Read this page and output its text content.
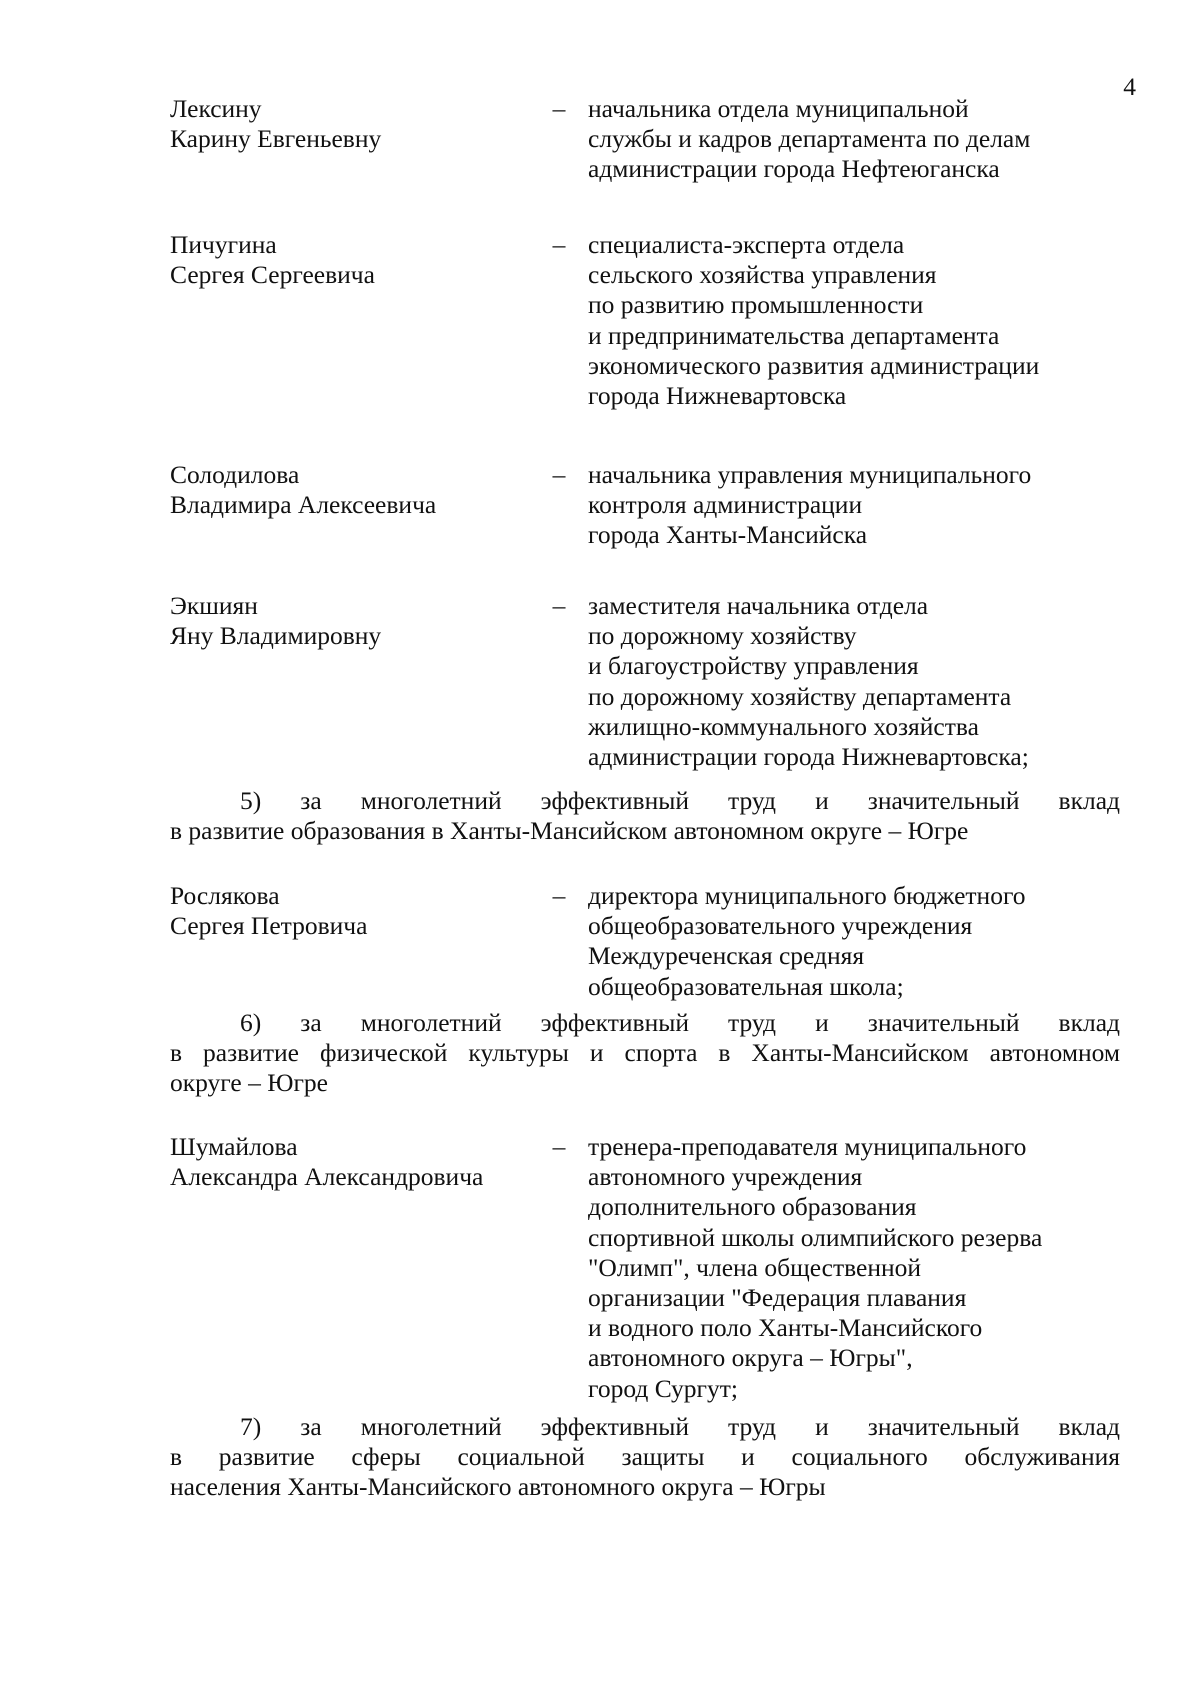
4
Лексину
Карину Евгеньевну
– начальника отдела муниципальной
службы и кадров департамента по делам
администрации города Нефтеюганска
Пичугина
Сергея Сергеевича
– специалиста-эксперта отдела
сельского хозяйства управления
по развитию промышленности
и предпринимательства департамента
экономического развития администрации
города Нижневартовска
Солодилова
Владимира Алексеевича
– начальника управления муниципального
контроля администрации
города Ханты-Мансийска
Экшиян
Яну Владимировну
– заместителя начальника отдела
по дорожному хозяйству
и благоустройству управления
по дорожному хозяйству департамента
жилищно-коммунального хозяйства
администрации города Нижневартовска;
5) за многолетний эффективный труд и значительный вклад
в развитие образования в Ханты-Мансийском автономном округе – Югре
Рослякова
Сергея Петровича
– директора муниципального бюджетного
общеобразовательного учреждения
Междуреченская средняя
общеобразовательная школа;
6) за многолетний эффективный труд и значительный вклад
в развитие физической культуры и спорта в Ханты-Мансийском автономном
округе – Югре
Шумайлова
Александра Александровича
– тренера-преподавателя муниципального
автономного учреждения
дополнительного образования
спортивной школы олимпийского резерва
"Олимп", члена общественной
организации "Федерация плавания
и водного поло Ханты-Мансийского
автономного округа – Югры",
город Сургут;
7) за многолетний эффективный труд и значительный вклад
в развитие сферы социальной защиты и социального обслуживания
населения Ханты-Мансийского автономного округа – Югры
